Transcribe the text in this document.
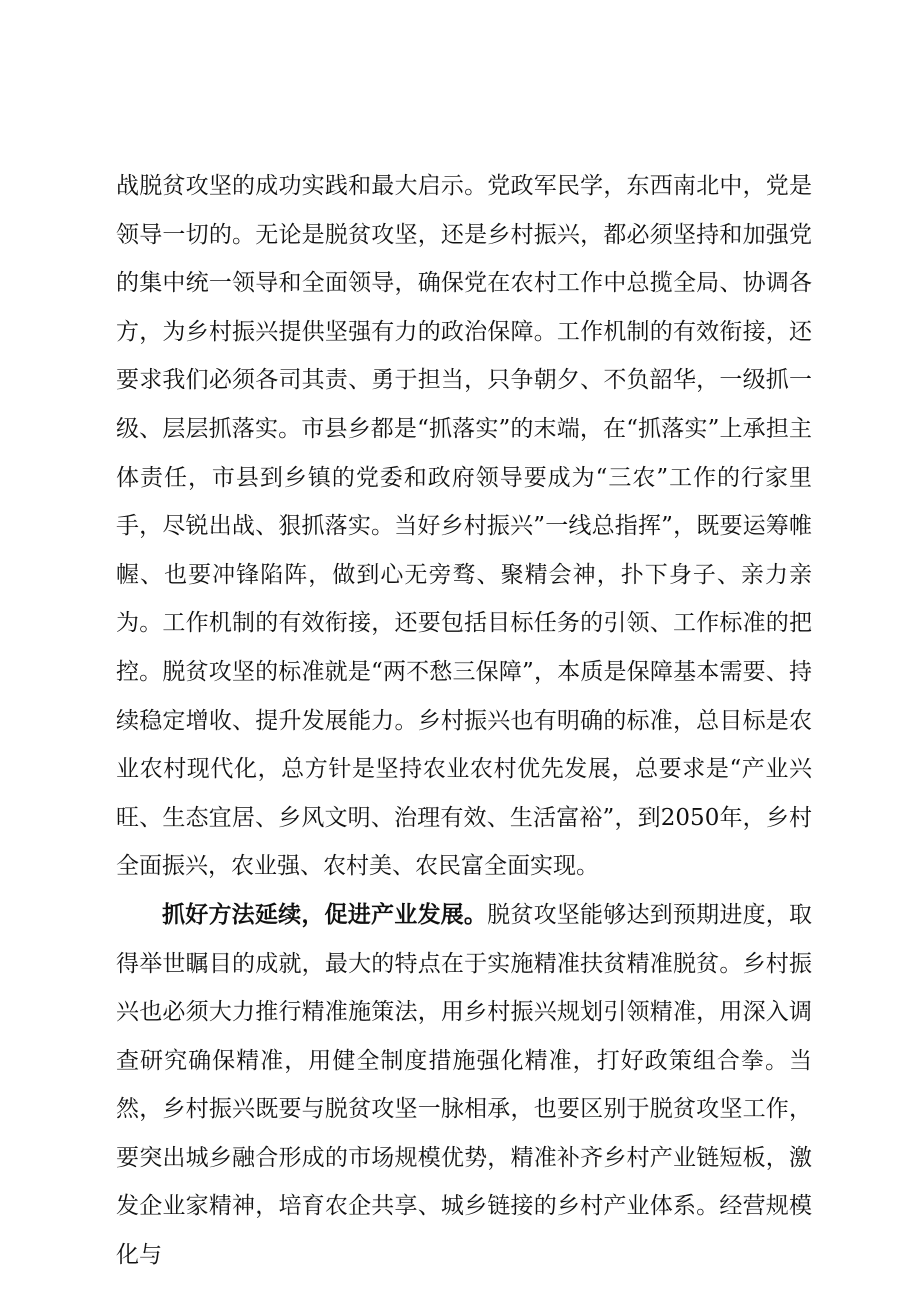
战脱贫攻坚的成功实践和最大启示。党政军民学，东西南北中，党是领导一切的。无论是脱贫攻坚，还是乡村振兴，都必须坚持和加强党的集中统一领导和全面领导，确保党在农村工作中总揽全局、协调各方，为乡村振兴提供坚强有力的政治保障。工作机制的有效衔接，还要求我们必须各司其责、勇于担当，只争朝夕、不负韶华，一级抓一级、层层抓落实。市县乡都是“抓落实”的末端，在“抓落实”上承担主体责任，市县到乡镇的党委和政府领导要成为“三农”工作的行家里手，尽锐出战、狠抓落实。当好乡村振兴”一线总指挥”，既要运筹帷幄、也要冲锋陷阵，做到心无旁骛、聚精会神，扑下身子、亲力亲为。工作机制的有效衔接，还要包括目标任务的引领、工作标准的把控。脱贫攻坚的标准就是“两不愁三保障”，本质是保障基本需要、持续稳定增收、提升发展能力。乡村振兴也有明确的标准，总目标是农业农村现代化，总方针是坚持农业农村优先发展，总要求是“产业兴旺、生态宜居、乡风文明、治理有效、生活富裕”，到2050年，乡村全面振兴，农业强、农村美、农民富全面实现。

抓好方法延续，促进产业发展。脱贫攻坚能够达到预期进度，取得举世瞩目的成就，最大的特点在于实施精准扶贫精准脱贫。乡村振兴也必须大力推行精准施策法，用乡村振兴规划引领精准，用深入调查研究确保精准，用健全制度措施强化精准，打好政策组合拳。当然，乡村振兴既要与脱贫攻坚一脉相承，也要区别于脱贫攻坚工作，要突出城乡融合形成的市场规模优势，精准补齐乡村产业链短板，激发企业家精神，培育农企共享、城乡链接的乡村产业体系。经营规模化与
